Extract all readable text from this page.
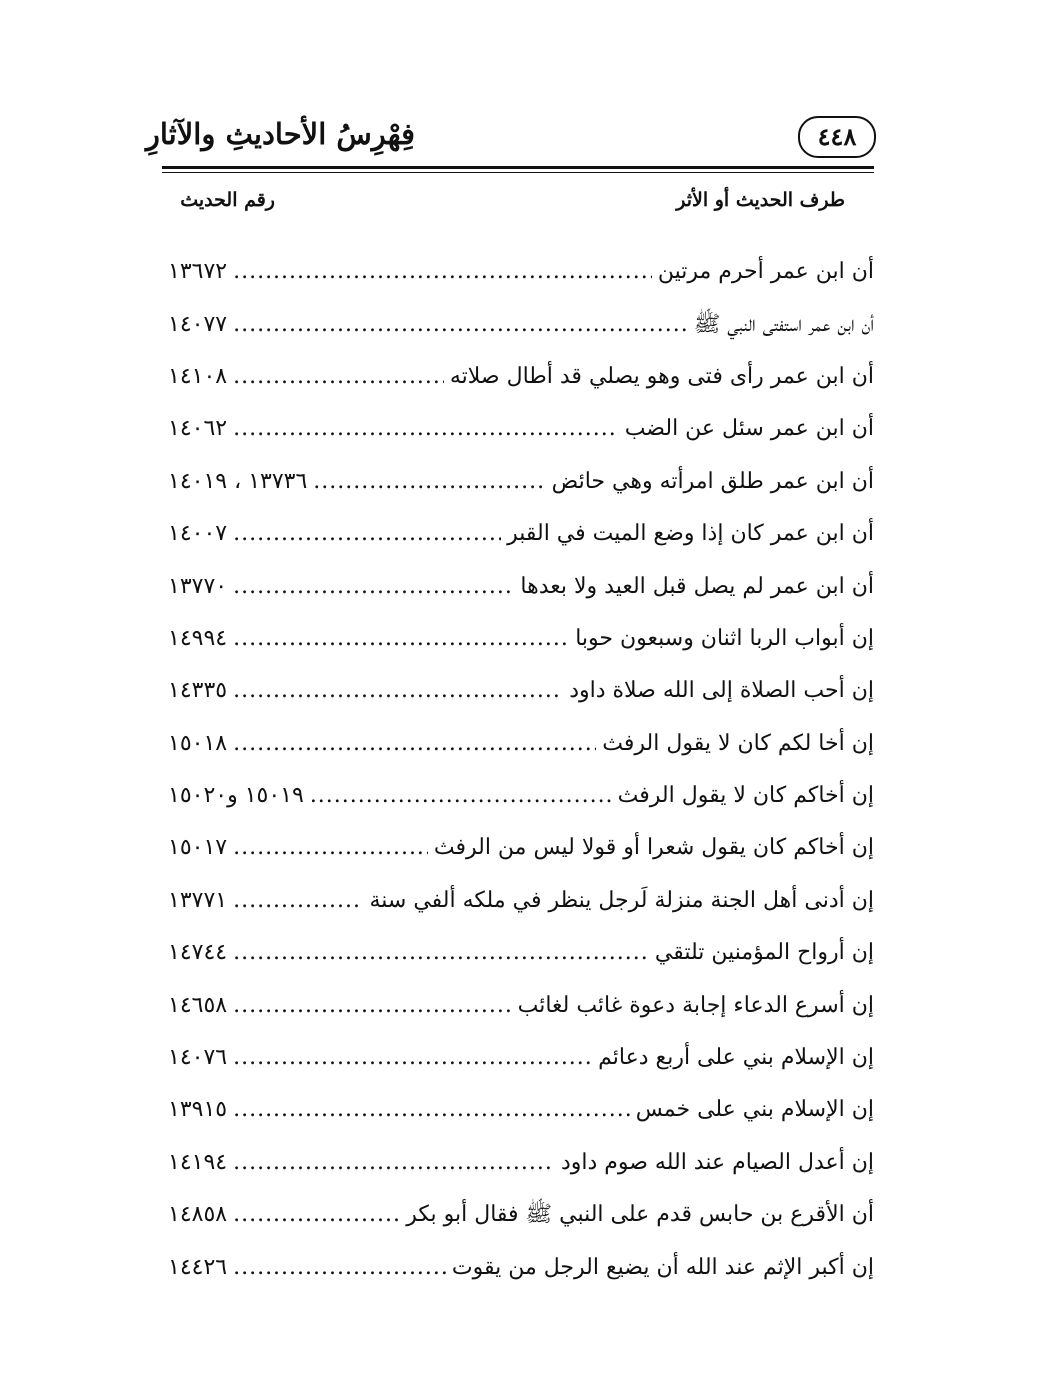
فِهْرِسُ الأحاديثِ والآثارِ	٤٤٨
طرف الحديث أو الأثر
رقم الحديث
أن ابن عمر أحرم مرتين
.....
١٣٦٧٢
أن ابن عمر استفتى النبي ﷺ
.....
١٤٠٧٧
أن ابن عمر رأى فتى وهو يصلي قد أطال صلاته
.....
١٤١٠٨
أن ابن عمر سئل عن الضب
.....
١٤٠٦٢
أن ابن عمر طلق امرأته وهي حائض
.....
١٣٧٣٦ ، ١٤٠١٩
أن ابن عمر كان إذا وضع الميت في القبر
.....
١٤٠٠٧
أن ابن عمر لم يصل قبل العيد ولا بعدها
.....
١٣٧٧٠
إن أبواب الربا اثنان وسبعون حوبا
.....
١٤٩٩٤
إن أحب الصلاة إلى الله صلاة داود
.....
١٤٣٣٥
إن أخا لكم كان لا يقول الرفث
.....
١٥٠١٨
إن أخاكم كان لا يقول الرفث
.....
١٥٠١٩ و١٥٠٢٠
إن أخاكم كان يقول شعرا أو قولا ليس من الرفث
.....
١٥٠١٧
إن أدنى أهل الجنة منزلة لَرجل ينظر في ملكه ألفي سنة
.....
١٣٧٧١
إن أرواح المؤمنين تلتقي
.....
١٤٧٤٤
إن أسرع الدعاء إجابة دعوة غائب لغائب
.....
١٤٦٥٨
إن الإسلام بني على أربع دعائم
.....
١٤٠٧٦
إن الإسلام بني على خمس
.....
١٣٩١٥
إن أعدل الصيام عند الله صوم داود
.....
١٤١٩٤
أن الأقرع بن حابس قدم على النبي ﷺ فقال أبو بكر
.....
١٤٨٥٨
إن أكبر الإثم عند الله أن يضيع الرجل من يقوت
.....
١٤٤٢٦
